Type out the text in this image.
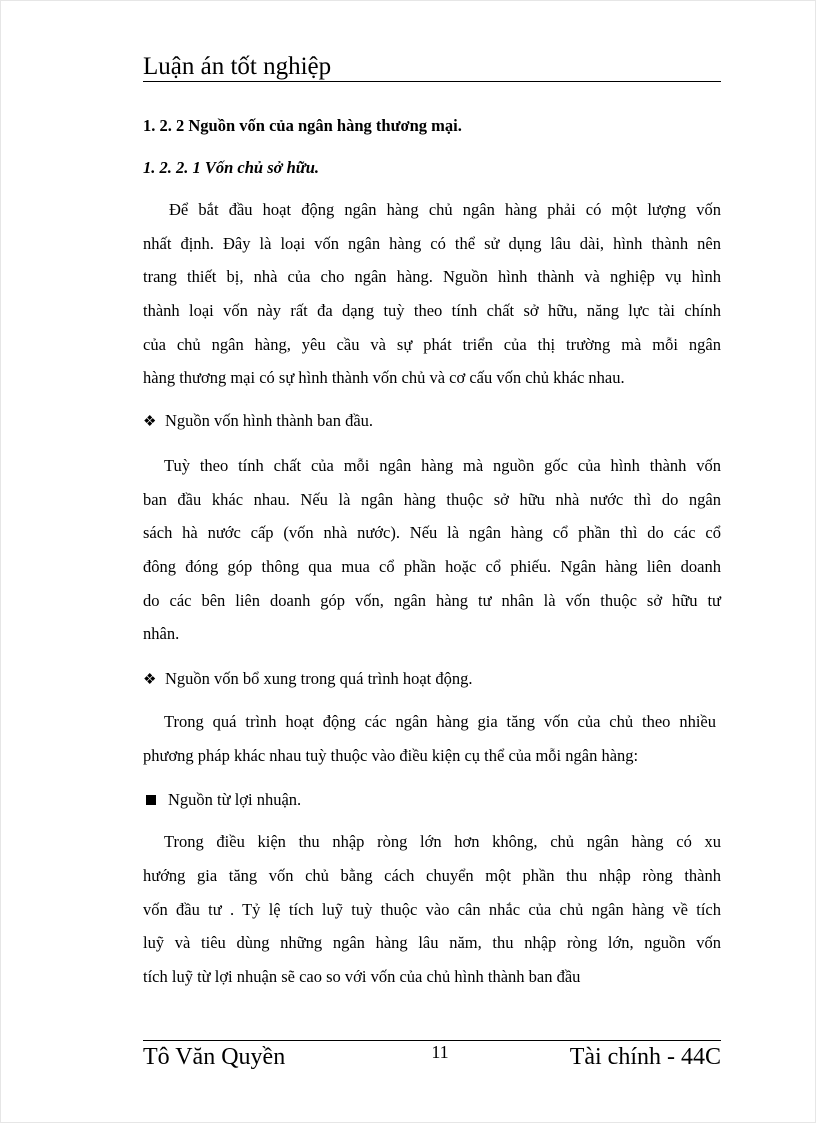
Luận án tốt nghiệp
1. 2. 2 Nguồn vốn của ngân hàng thương mại.
1. 2. 2. 1 Vốn chủ sở hữu.
Để bắt đầu hoạt động ngân hàng chủ ngân hàng phải có một lượng vốn
nhất định. Đây là loại vốn ngân hàng có thể sử dụng lâu dài, hình thành nên
trang thiết bị, nhà của cho ngân hàng. Nguồn hình thành và nghiệp vụ hình
thành loại vốn này rất đa dạng tuỳ theo tính chất sở hữu, năng lực tài chính
của chủ ngân hàng, yêu cầu và sự phát triển của thị trường mà mỗi ngân
hàng thương mại có sự hình thành vốn chủ và cơ cấu vốn chủ khác nhau.
❖ Nguồn vốn hình thành ban đầu.
Tuỳ theo tính chất của mỗi ngân hàng mà nguồn gốc của hình thành vốn
ban đầu khác nhau. Nếu là ngân hàng thuộc sở hữu nhà nước thì do ngân
sách hà nước cấp (vốn nhà nước). Nếu là ngân hàng cổ phần thì do các cổ
đông đóng góp thông qua mua cổ phần hoặc cổ phiếu. Ngân hàng liên doanh
do các bên liên doanh góp vốn, ngân hàng tư nhân là vốn thuộc sở hữu tư
nhân.
❖ Nguồn vốn bổ xung trong quá trình hoạt động.
Trong quá trình hoạt động các ngân hàng gia tăng vốn của chủ theo nhiều
phương pháp khác nhau tuỳ thuộc vào điều kiện cụ thể của mỗi ngân hàng:
Nguồn từ lợi nhuận.
Trong điều kiện thu nhập ròng lớn hơn không, chủ ngân hàng có xu
hướng gia tăng vốn chủ bằng cách chuyển một phần thu nhập ròng thành
vốn đầu tư . Tỷ lệ tích luỹ tuỳ thuộc vào cân nhắc của chủ ngân hàng về tích
luỹ và tiêu dùng những ngân hàng lâu năm, thu nhập ròng lớn, nguồn vốn
tích luỹ từ lợi nhuận sẽ cao so với vốn của chủ hình thành ban đầu
Tô Văn Quyền	11	Tài chính - 44C
